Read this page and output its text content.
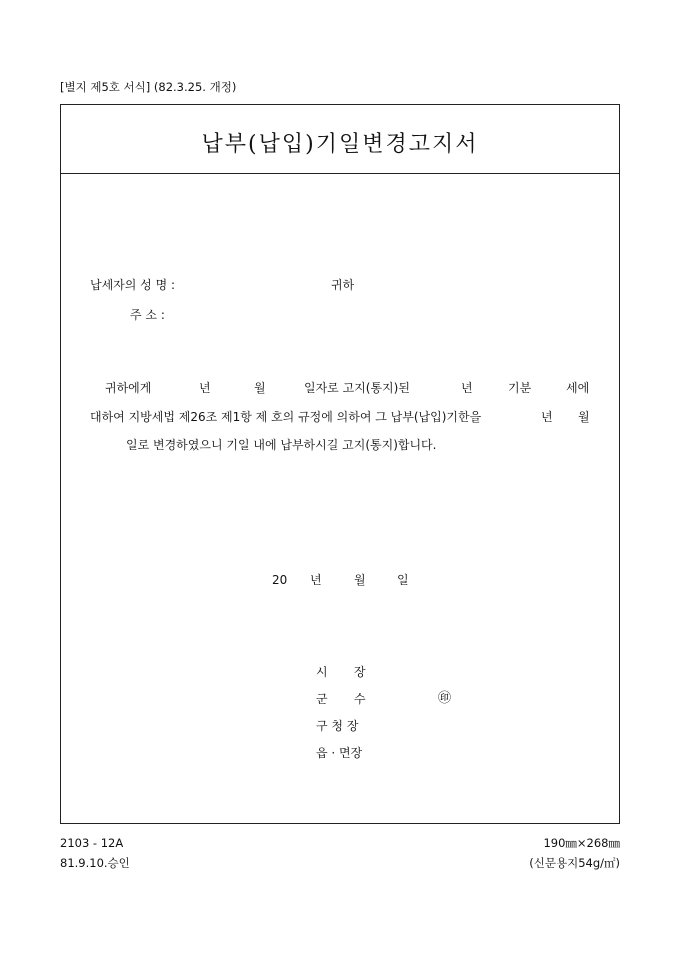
[별지 제5호 서식] (82.3.25. 개정)
납부(납입)기일변경고지서
납세자의 성 명 :	귀하
주 소 :
귀하에게	년	월	일자로 고지(통지)된	년	기분	세에
대하여 지방세법 제26조 제1항 제 호의 규정에 의하여 그 납부(납입)기한을	년 월
일로 변경하였으니 기일 내에 납부하시길 고지(통지)합니다.
20 년	월	일
시 장
군 수	㊞
구 청 장
읍 · 면장
2103 - 12A
81.9.10.승인
190㎜×268㎜
(신문용지54g/㎡)
